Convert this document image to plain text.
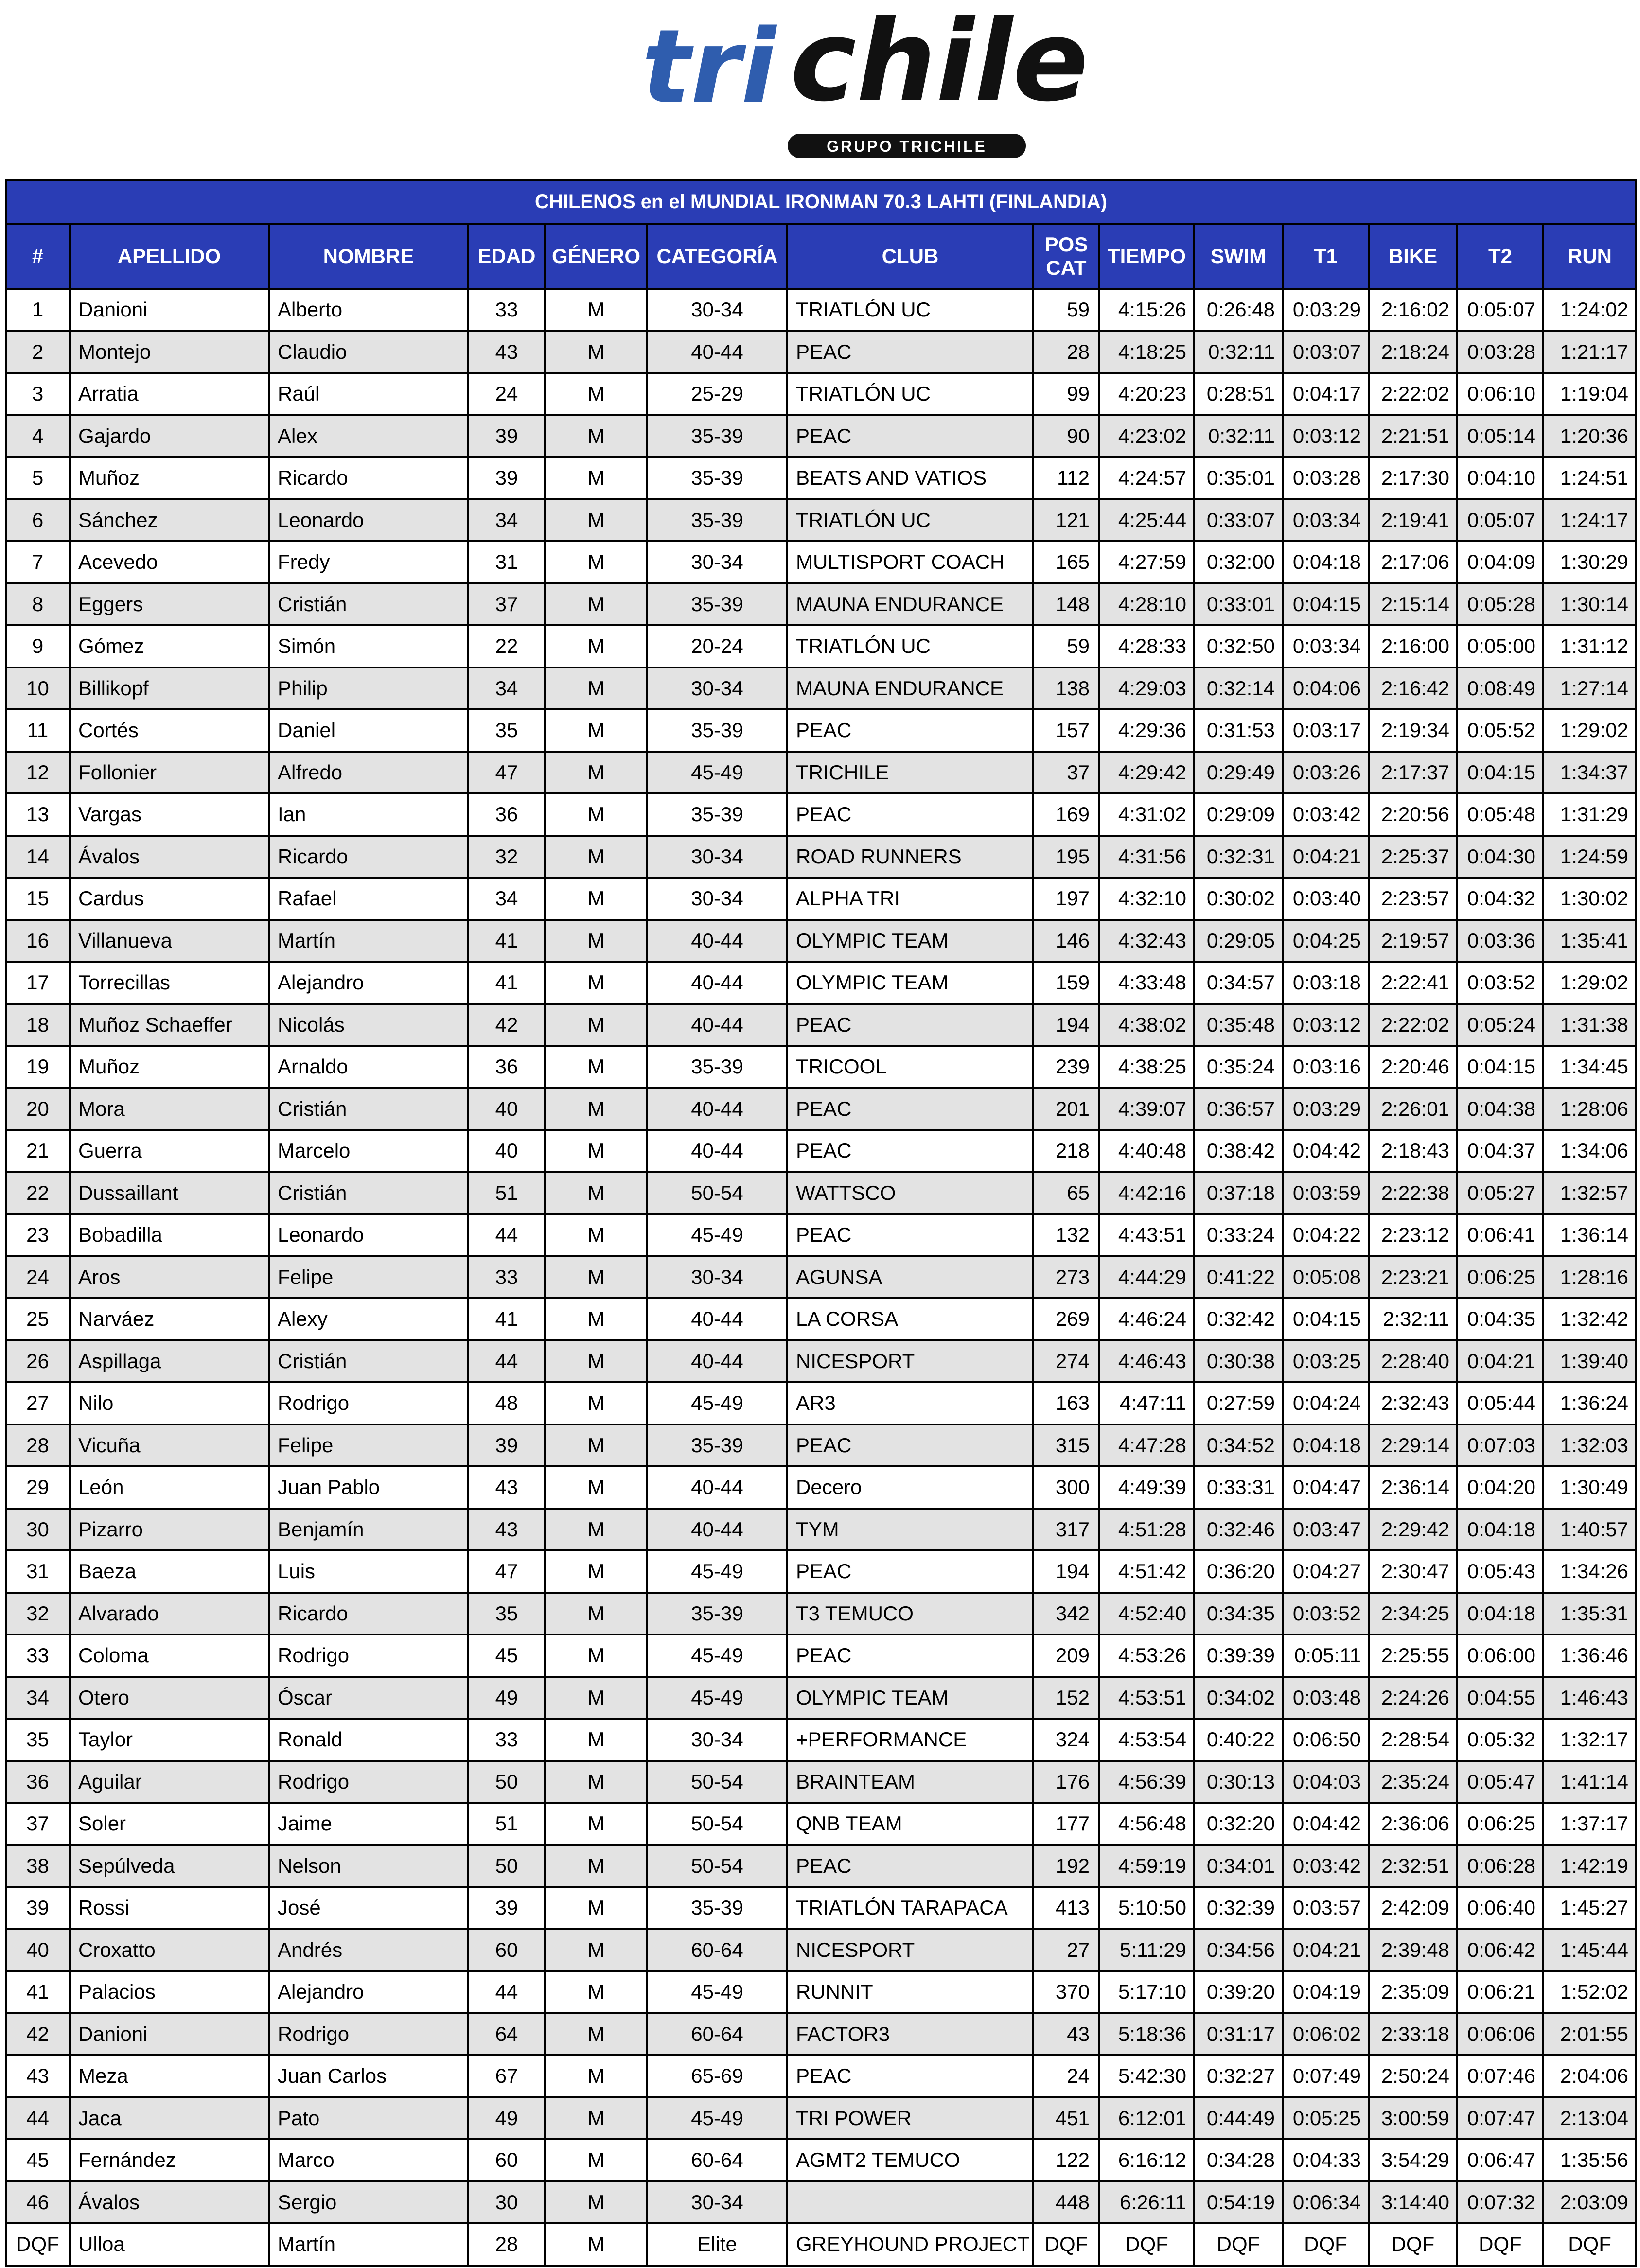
tri chile
GRUPO TRICHILE
CHILENOS en el MUNDIAL IRONMAN 70.3 LAHTI (FINLANDIA)													
#	APELLIDO	NOMBRE	EDAD	GÉNERO	CATEGORÍA	CLUB	POS CAT	TIEMPO	SWIM	T1	BIKE	T2	RUN
1	Danioni	Alberto	33	M	30-34	TRIATLÓN UC	59	4:15:26	0:26:48	0:03:29	2:16:02	0:05:07	1:24:02
2	Montejo	Claudio	43	M	40-44	PEAC	28	4:18:25	0:32:11	0:03:07	2:18:24	0:03:28	1:21:17
3	Arratia	Raúl	24	M	25-29	TRIATLÓN UC	99	4:20:23	0:28:51	0:04:17	2:22:02	0:06:10	1:19:04
4	Gajardo	Alex	39	M	35-39	PEAC	90	4:23:02	0:32:11	0:03:12	2:21:51	0:05:14	1:20:36
5	Muñoz	Ricardo	39	M	35-39	BEATS AND VATIOS	112	4:24:57	0:35:01	0:03:28	2:17:30	0:04:10	1:24:51
6	Sánchez	Leonardo	34	M	35-39	TRIATLÓN UC	121	4:25:44	0:33:07	0:03:34	2:19:41	0:05:07	1:24:17
7	Acevedo	Fredy	31	M	30-34	MULTISPORT COACH	165	4:27:59	0:32:00	0:04:18	2:17:06	0:04:09	1:30:29
8	Eggers	Cristián	37	M	35-39	MAUNA ENDURANCE	148	4:28:10	0:33:01	0:04:15	2:15:14	0:05:28	1:30:14
9	Gómez	Simón	22	M	20-24	TRIATLÓN UC	59	4:28:33	0:32:50	0:03:34	2:16:00	0:05:00	1:31:12
10	Billikopf	Philip	34	M	30-34	MAUNA ENDURANCE	138	4:29:03	0:32:14	0:04:06	2:16:42	0:08:49	1:27:14
11	Cortés	Daniel	35	M	35-39	PEAC	157	4:29:36	0:31:53	0:03:17	2:19:34	0:05:52	1:29:02
12	Follonier	Alfredo	47	M	45-49	TRICHILE	37	4:29:42	0:29:49	0:03:26	2:17:37	0:04:15	1:34:37
13	Vargas	Ian	36	M	35-39	PEAC	169	4:31:02	0:29:09	0:03:42	2:20:56	0:05:48	1:31:29
14	Ávalos	Ricardo	32	M	30-34	ROAD RUNNERS	195	4:31:56	0:32:31	0:04:21	2:25:37	0:04:30	1:24:59
15	Cardus	Rafael	34	M	30-34	ALPHA TRI	197	4:32:10	0:30:02	0:03:40	2:23:57	0:04:32	1:30:02
16	Villanueva	Martín	41	M	40-44	OLYMPIC TEAM	146	4:32:43	0:29:05	0:04:25	2:19:57	0:03:36	1:35:41
17	Torrecillas	Alejandro	41	M	40-44	OLYMPIC TEAM	159	4:33:48	0:34:57	0:03:18	2:22:41	0:03:52	1:29:02
18	Muñoz Schaeffer	Nicolás	42	M	40-44	PEAC	194	4:38:02	0:35:48	0:03:12	2:22:02	0:05:24	1:31:38
19	Muñoz	Arnaldo	36	M	35-39	TRICOOL	239	4:38:25	0:35:24	0:03:16	2:20:46	0:04:15	1:34:45
20	Mora	Cristián	40	M	40-44	PEAC	201	4:39:07	0:36:57	0:03:29	2:26:01	0:04:38	1:28:06
21	Guerra	Marcelo	40	M	40-44	PEAC	218	4:40:48	0:38:42	0:04:42	2:18:43	0:04:37	1:34:06
22	Dussaillant	Cristián	51	M	50-54	WATTSCO	65	4:42:16	0:37:18	0:03:59	2:22:38	0:05:27	1:32:57
23	Bobadilla	Leonardo	44	M	45-49	PEAC	132	4:43:51	0:33:24	0:04:22	2:23:12	0:06:41	1:36:14
24	Aros	Felipe	33	M	30-34	AGUNSA	273	4:44:29	0:41:22	0:05:08	2:23:21	0:06:25	1:28:16
25	Narváez	Alexy	41	M	40-44	LA CORSA	269	4:46:24	0:32:42	0:04:15	2:32:11	0:04:35	1:32:42
26	Aspillaga	Cristián	44	M	40-44	NICESPORT	274	4:46:43	0:30:38	0:03:25	2:28:40	0:04:21	1:39:40
27	Nilo	Rodrigo	48	M	45-49	AR3	163	4:47:11	0:27:59	0:04:24	2:32:43	0:05:44	1:36:24
28	Vicuña	Felipe	39	M	35-39	PEAC	315	4:47:28	0:34:52	0:04:18	2:29:14	0:07:03	1:32:03
29	León	Juan Pablo	43	M	40-44	Decero	300	4:49:39	0:33:31	0:04:47	2:36:14	0:04:20	1:30:49
30	Pizarro	Benjamín	43	M	40-44	TYM	317	4:51:28	0:32:46	0:03:47	2:29:42	0:04:18	1:40:57
31	Baeza	Luis	47	M	45-49	PEAC	194	4:51:42	0:36:20	0:04:27	2:30:47	0:05:43	1:34:26
32	Alvarado	Ricardo	35	M	35-39	T3 TEMUCO	342	4:52:40	0:34:35	0:03:52	2:34:25	0:04:18	1:35:31
33	Coloma	Rodrigo	45	M	45-49	PEAC	209	4:53:26	0:39:39	0:05:11	2:25:55	0:06:00	1:36:46
34	Otero	Óscar	49	M	45-49	OLYMPIC TEAM	152	4:53:51	0:34:02	0:03:48	2:24:26	0:04:55	1:46:43
35	Taylor	Ronald	33	M	30-34	+PERFORMANCE	324	4:53:54	0:40:22	0:06:50	2:28:54	0:05:32	1:32:17
36	Aguilar	Rodrigo	50	M	50-54	BRAINTEAM	176	4:56:39	0:30:13	0:04:03	2:35:24	0:05:47	1:41:14
37	Soler	Jaime	51	M	50-54	QNB TEAM	177	4:56:48	0:32:20	0:04:42	2:36:06	0:06:25	1:37:17
38	Sepúlveda	Nelson	50	M	50-54	PEAC	192	4:59:19	0:34:01	0:03:42	2:32:51	0:06:28	1:42:19
39	Rossi	José	39	M	35-39	TRIATLÓN TARAPACA	413	5:10:50	0:32:39	0:03:57	2:42:09	0:06:40	1:45:27
40	Croxatto	Andrés	60	M	60-64	NICESPORT	27	5:11:29	0:34:56	0:04:21	2:39:48	0:06:42	1:45:44
41	Palacios	Alejandro	44	M	45-49	RUNNIT	370	5:17:10	0:39:20	0:04:19	2:35:09	0:06:21	1:52:02
42	Danioni	Rodrigo	64	M	60-64	FACTOR3	43	5:18:36	0:31:17	0:06:02	2:33:18	0:06:06	2:01:55
43	Meza	Juan Carlos	67	M	65-69	PEAC	24	5:42:30	0:32:27	0:07:49	2:50:24	0:07:46	2:04:06
44	Jaca	Pato	49	M	45-49	TRI POWER	451	6:12:01	0:44:49	0:05:25	3:00:59	0:07:47	2:13:04
45	Fernández	Marco	60	M	60-64	AGMT2 TEMUCO	122	6:16:12	0:34:28	0:04:33	3:54:29	0:06:47	1:35:56
46	Ávalos	Sergio	30	M	30-34		448	6:26:11	0:54:19	0:06:34	3:14:40	0:07:32	2:03:09
DQF	Ulloa	Martín	28	M	Elite	GREYHOUND PROJECT	DQF	DQF	DQF	DQF	DQF	DQF	DQF
